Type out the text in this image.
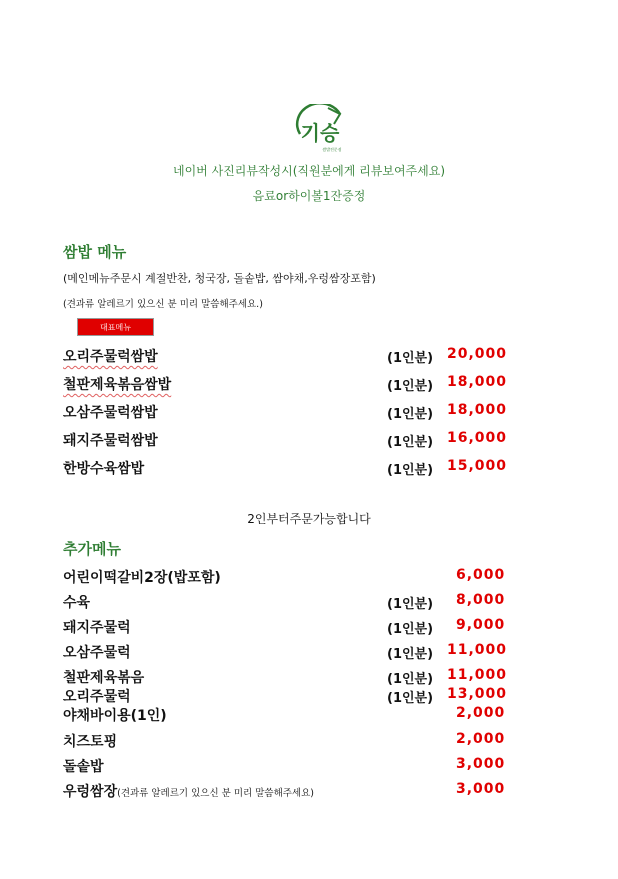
기승
쌈밥전문점
네이버 사진리뷰작성시(직원분에게 리뷰보여주세요)
음료or하이볼1잔증정
쌈밥 메뉴
(메인메뉴주문시 계절반찬, 청국장, 돌솥밥, 쌈야채,우렁쌈장포함)
(견과류 알레르기 있으신 분 미리 말씀해주세요.)
대표메뉴
오리주물럭쌈밥	(1인분) 20,000
철판제육볶음쌈밥	(1인분) 18,000
오삼주물럭쌈밥	(1인분) 18,000
돼지주물럭쌈밥	(1인분) 16,000
한방수육쌈밥	(1인분) 15,000
2인부터주문가능합니다
추가메뉴
어린이떡갈비2장(밥포함)	6,000
수육	(1인분) 8,000
돼지주물럭	(1인분) 9,000
오삼주물럭	(1인분) 11,000
철판제육볶음	(1인분) 11,000
오리주물럭	(1인분) 13,000
야채바이용(1인)	2,000
치즈토핑	2,000
돌솥밥	3,000
우렁쌈장(견과류 알레르기 있으신 분 미리 말씀해주세요)	3,000
